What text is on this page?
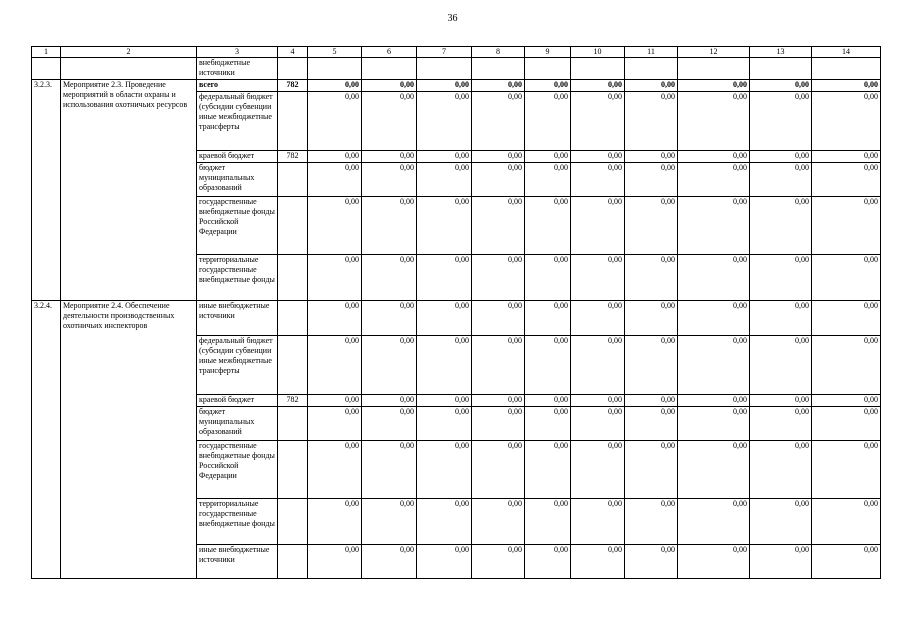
36
1	2	3	4	5	6	7	8	9	10	11	12	13	14
		внебюджетные источники											
3.2.3.	Мероприятие 2.3. Проведение мероприятий в области охраны и использования охотничьих ресурсов	всего	782	0,00	0,00	0,00	0,00	0,00	0,00	0,00	0,00	0,00	0,00
		федеральный бюджет (субсидии субвенции иные межбюджетные трансферты		0,00	0,00	0,00	0,00	0,00	0,00	0,00	0,00	0,00	0,00
		краевой бюджет	782	0,00	0,00	0,00	0,00	0,00	0,00	0,00	0,00	0,00	0,00
		бюджет муниципальных образований		0,00	0,00	0,00	0,00	0,00	0,00	0,00	0,00	0,00	0,00
		государственные внебюджетные фонды Российской Федерации		0,00	0,00	0,00	0,00	0,00	0,00	0,00	0,00	0,00	0,00
		территориальные государственные внебюджетные фонды		0,00	0,00	0,00	0,00	0,00	0,00	0,00	0,00	0,00	0,00
3.2.4.	Мероприятие 2.4. Обеспечение деятельности производственных охотничьих инспекторов	иные внебюджетные источники		0,00	0,00	0,00	0,00	0,00	0,00	0,00	0,00	0,00	0,00
		федеральный бюджет (субсидии субвенции иные межбюджетные трансферты		0,00	0,00	0,00	0,00	0,00	0,00	0,00	0,00	0,00	0,00
		краевой бюджет	782	0,00	0,00	0,00	0,00	0,00	0,00	0,00	0,00	0,00	0,00
		бюджет муниципальных образований		0,00	0,00	0,00	0,00	0,00	0,00	0,00	0,00	0,00	0,00
		государственные внебюджетные фонды Российской Федерации		0,00	0,00	0,00	0,00	0,00	0,00	0,00	0,00	0,00	0,00
		территориальные государственные внебюджетные фонды		0,00	0,00	0,00	0,00	0,00	0,00	0,00	0,00	0,00	0,00
		иные внебюджетные источники		0,00	0,00	0,00	0,00	0,00	0,00	0,00	0,00	0,00	0,00
